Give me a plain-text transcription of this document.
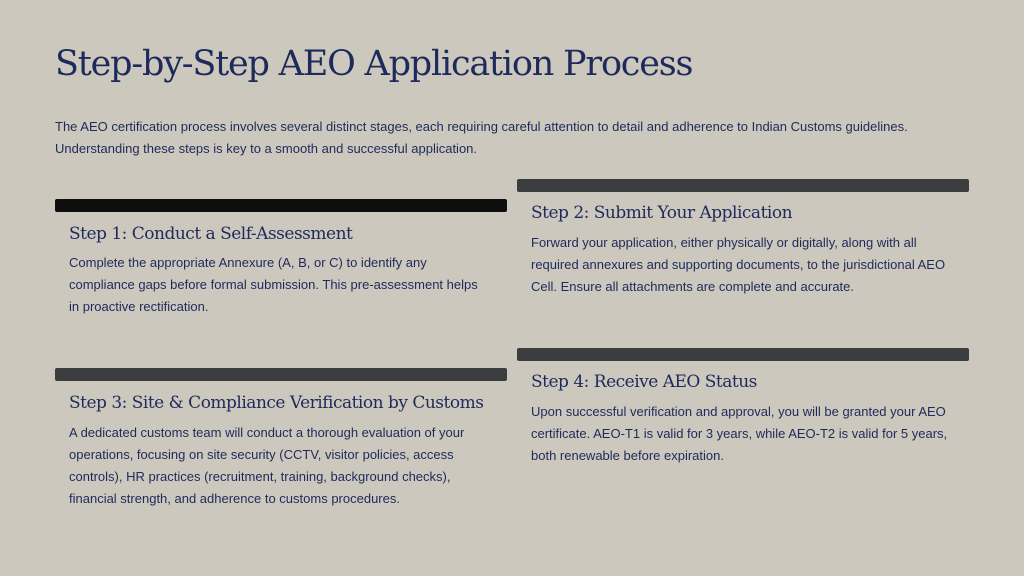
Step-by-Step AEO Application Process

The AEO certification process involves several distinct stages, each requiring careful attention to detail and adherence to Indian Customs guidelines. Understanding these steps is key to a smooth and successful application.

Step 1: Conduct a Self-Assessment

Complete the appropriate Annexure (A, B, or C) to identify any compliance gaps before formal submission. This pre-assessment helps in proactive rectification.

Step 2: Submit Your Application

Forward your application, either physically or digitally, along with all required annexures and supporting documents, to the jurisdictional AEO Cell. Ensure all attachments are complete and accurate.

Step 3: Site & Compliance Verification by Customs

A dedicated customs team will conduct a thorough evaluation of your operations, focusing on site security (CCTV, visitor policies, access controls), HR practices (recruitment, training, background checks), financial strength, and adherence to customs procedures.

Step 4: Receive AEO Status

Upon successful verification and approval, you will be granted your AEO certificate. AEO-T1 is valid for 3 years, while AEO-T2 is valid for 5 years, both renewable before expiration.
